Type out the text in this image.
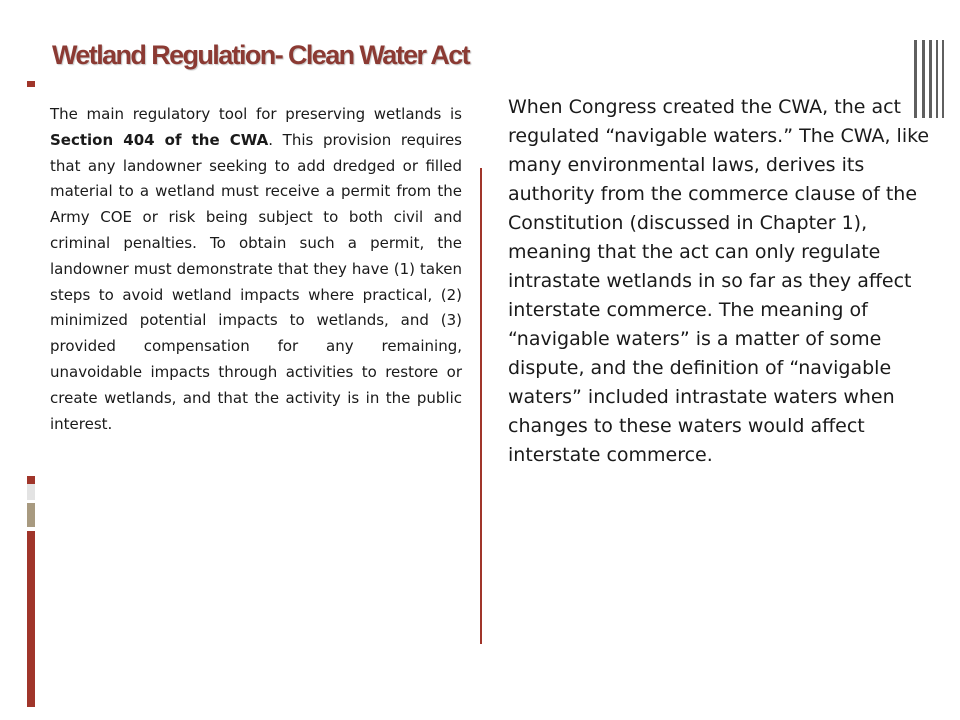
Wetland Regulation- Clean Water Act

The main regulatory tool for preserving wetlands is Section 404 of the CWA. This provision requires that any landowner seeking to add dredged or filled material to a wetland must receive a permit from the Army COE or risk being subject to both civil and criminal penalties. To obtain such a permit, the landowner must demonstrate that they have (1) taken steps to avoid wetland impacts where practical, (2) minimized potential impacts to wetlands, and (3) provided compensation for any remaining, unavoidable impacts through activities to restore or create wetlands, and that the activity is in the public interest.

When Congress created the CWA, the act regulated “navigable waters.” The CWA, like many environmental laws, derives its authority from the commerce clause of the Constitution (discussed in Chapter 1), meaning that the act can only regulate intrastate wetlands in so far as they affect interstate commerce. The meaning of “navigable waters” is a matter of some dispute, and the definition of “navigable waters” included intrastate waters when changes to these waters would affect interstate commerce.
